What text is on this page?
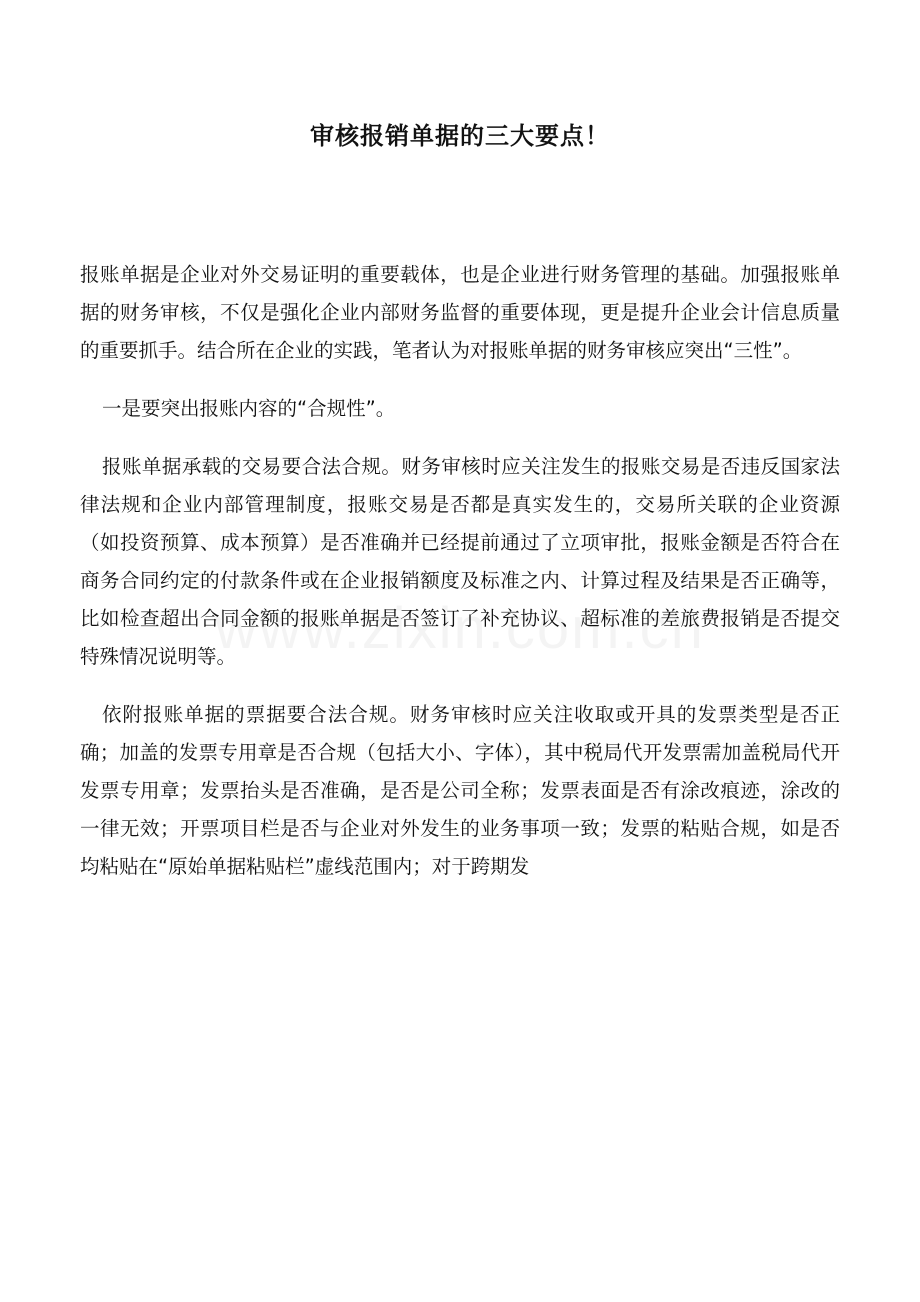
审核报销单据的三大要点！

报账单据是企业对外交易证明的重要载体，也是企业进行财务管理的基础。加强报账单据的财务审核，不仅是强化企业内部财务监督的重要体现，更是提升企业会计信息质量的重要抓手。结合所在企业的实践，笔者认为对报账单据的财务审核应突出“三性”。

一是要突出报账内容的“合规性”。

报账单据承载的交易要合法合规。财务审核时应关注发生的报账交易是否违反国家法律法规和企业内部管理制度，报账交易是否都是真实发生的，交易所关联的企业资源（如投资预算、成本预算）是否准确并已经提前通过了立项审批，报账金额是否符合在商务合同约定的付款条件或在企业报销额度及标准之内、计算过程及结果是否正确等，比如检查超出合同金额的报账单据是否签订了补充协议、超标准的差旅费报销是否提交特殊情况说明等。

依附报账单据的票据要合法合规。财务审核时应关注收取或开具的发票类型是否正确；加盖的发票专用章是否合规（包括大小、字体），其中税局代开发票需加盖税局代开发票专用章；发票抬头是否准确，是否是公司全称；发票表面是否有涂改痕迹，涂改的一律无效；开票项目栏是否与企业对外发生的业务事项一致；发票的粘贴合规，如是否均粘贴在“原始单据粘贴栏”虚线范围内；对于跨期发
